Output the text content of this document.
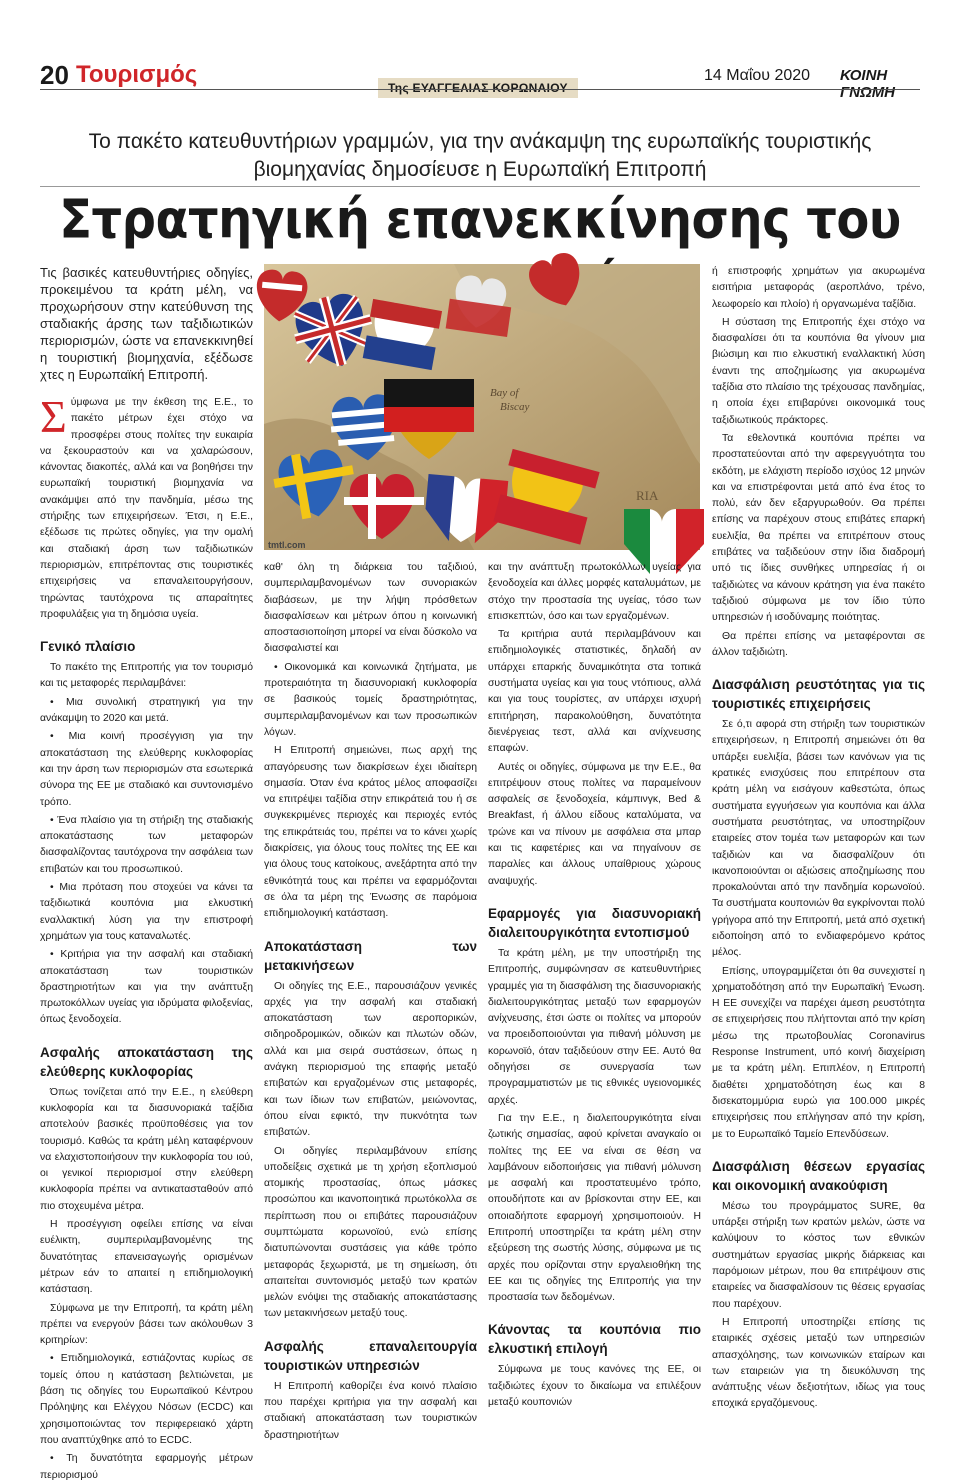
20 Τουρισμός	Της ΕΥΑΓΓΕΛΙΑΣ ΚΟΡΩΝΑΙΟΥ
14 Μαΐου 2020 ΚΟΙΝΗ ΓΝΩΜΗ
Το πακέτο κατευθυντήριων γραμμών, για την ανάκαμψη της ευρωπαϊκής τουριστικής
βιομηχανίας δημοσίευσε η Ευρωπαϊκή Επιτροπή
Στρατηγική επανεκκίνησης του
Bay of
Biscay
RIA
tmtl.com

Τις βασικές κατευθυντήριες οδηγίες, προκειμένου τα κράτη μέλη, να προχωρήσουν στην κατεύθυνση της σταδιακής άρσης των ταξιδιωτικών περιορισμών, ώστε να επανεκκινηθεί η τουριστική βιομηχανία, εξέδωσε χτες η Ευρωπαϊκή Επιτροπή.

Σύμφωνα με την έκθεση της Ε.Ε., το πακέτο μέτρων έχει στόχο να προσφέρει στους πολίτες την ευκαιρία να ξεκουραστούν και να χαλαρώσουν, κάνοντας διακοπές, αλλά και να βοηθήσει την ευρωπαϊκή τουριστική βιομηχανία να ανακάμψει από την πανδημία, μέσω της στήριξης των επιχειρήσεων. Έτσι, η Ε.Ε., εξέδωσε τις πρώτες οδηγίες, για την ομαλή και σταδιακή άρση των ταξιδιωτικών περιορισμών, επιτρέποντας στις τουριστικές επιχειρήσεις να επαναλειτουργήσουν, τηρώντας ταυτόχρονα τις απαραίτητες προφυλάξεις για τη δημόσια υγεία.

Γενικό πλαίσιο

Το πακέτο της Επιτροπής για τον τουρισμό και τις μεταφορές περιλαμβάνει:

• Μια συνολική στρατηγική για την ανάκαμψη το 2020 και μετά.

• Μια κοινή προσέγγιση για την αποκατάσταση της ελεύθερης κυκλοφορίας και την άρση των περιορισμών στα εσωτερικά σύνορα της ΕΕ με σταδιακό και συντονισμένο τρόπο.

• Ένα πλαίσιο για τη στήριξη της σταδιακής αποκατάστασης των μεταφορών διασφαλίζοντας ταυτόχρονα την ασφάλεια των επιβατών και του προσωπικού.

• Μια πρόταση που στοχεύει να κάνει τα ταξιδιωτικά κουπόνια μια ελκυστική εναλλακτική λύση για την επιστροφή χρημάτων για τους καταναλωτές.

• Κριτήρια για την ασφαλή και σταδιακή αποκατάσταση των τουριστικών δραστηριοτήτων και για την ανάπτυξη πρωτοκόλλων υγείας για ιδρύματα φιλοξενίας, όπως ξενοδοχεία.

Ασφαλής αποκατάσταση της ελεύθερης κυκλοφορίας

Όπως τονίζεται από την Ε.Ε., η ελεύθερη κυκλοφορία και τα διασυνοριακά ταξίδια αποτελούν βασικές προϋποθέσεις για τον τουρισμό. Καθώς τα κράτη μέλη καταφέρνουν να ελαχιστοποιήσουν την κυκλοφορία του ιού, οι γενικοί περιορισμοί στην ελεύθερη κυκλοφορία πρέπει να αντικατασταθούν από πιο στοχευμένα μέτρα.

Η προσέγγιση οφείλει επίσης να είναι ευέλικτη, συμπεριλαμβανομένης της δυνατότητας επανεισαγωγής ορισμένων μέτρων εάν το απαιτεί η επιδημιολογική κατάσταση.

Σύμφωνα με την Επιτροπή, τα κράτη μέλη πρέπει να ενεργούν βάσει των ακόλουθων 3 κριτηρίων:

• Επιδημιολογικά, εστιάζοντας κυρίως σε τομείς όπου η κατάσταση βελτιώνεται, με βάση τις οδηγίες του Ευρωπαϊκού Κέντρου Πρόληψης και Ελέγχου Νόσων (ECDC) και χρησιμοποιώντας τον περιφερειακό χάρτη που αναπτύχθηκε από το ECDC.

• Τη δυνατότητα εφαρμογής μέτρων περιορισμού

καθ' όλη τη διάρκεια του ταξιδιού, συμπεριλαμβανομένων των συνοριακών διαβάσεων, με την λήψη πρόσθετων διασφαλίσεων και μέτρων όπου η κοινωνική αποστασιοποίηση μπορεί να είναι δύσκολο να διασφαλιστεί και

• Οικονομικά και κοινωνικά ζητήματα, με προτεραιότητα τη διασυνοριακή κυκλοφορία σε βασικούς τομείς δραστηριότητας, συμπεριλαμβανομένων και των προσωπικών λόγων.

Η Επιτροπή σημειώνει, πως αρχή της απαγόρευσης των διακρίσεων έχει ιδιαίτερη σημασία. Όταν ένα κράτος μέλος αποφασίζει να επιτρέψει ταξίδια στην επικράτειά του ή σε συγκεκριμένες περιοχές και περιοχές εντός της επικράτειάς του, πρέπει να το κάνει χωρίς διακρίσεις, για όλους τους πολίτες της ΕΕ και για όλους τους κατοίκους, ανεξάρτητα από την εθνικότητά τους και πρέπει να εφαρμόζονται σε όλα τα μέρη της Ένωσης σε παρόμοια επιδημιολογική κατάσταση.

Αποκατάσταση των μετακινήσεων

Οι οδηγίες της Ε.Ε., παρουσιάζουν γενικές αρχές για την ασφαλή και σταδιακή αποκατάσταση των αεροπορικών, σιδηροδρομικών, οδικών και πλωτών οδών, αλλά και μια σειρά συστάσεων, όπως η ανάγκη περιορισμού της επαφής μεταξύ επιβατών και εργαζομένων στις μεταφορές, και των ίδιων των επιβατών, μειώνοντας, όπου είναι εφικτό, την πυκνότητα των επιβατών.

Οι οδηγίες περιλαμβάνουν επίσης υποδείξεις σχετικά με τη χρήση εξοπλισμού ατομικής προστασίας, όπως μάσκες προσώπου και ικανοποιητικά πρωτόκολλα σε περίπτωση που οι επιβάτες παρουσιάζουν συμπτώματα κορωνοϊού, ενώ επίσης διατυπώνονται συστάσεις για κάθε τρόπο μεταφοράς ξεχωριστά, με τη σημείωση, ότι απαιτείται συντονισμός μεταξύ των κρατών μελών ενόψει της σταδιακής αποκατάστασης των μετακινήσεων μεταξύ τους.

Ασφαλής επαναλειτουργία τουριστικών υπηρεσιών

Η Επιτροπή καθορίζει ένα κοινό πλαίσιο που παρέχει κριτήρια για την ασφαλή και σταδιακή αποκατάσταση των τουριστικών δραστηριοτήτων

και την ανάπτυξη πρωτοκόλλων υγείας για ξενοδοχεία και άλλες μορφές καταλυμάτων, με στόχο την προστασία της υγείας, τόσο των επισκεπτών, όσο και των εργαζομένων.

Τα κριτήρια αυτά περιλαμβάνουν και επιδημιολογικές στατιστικές, δηλαδή αν υπάρχει επαρκής δυναμικότητα στα τοπικά συστήματα υγείας και για τους ντόπιους, αλλά και για τους τουρίστες, αν υπάρχει ισχυρή επιτήρηση, παρακολούθηση, δυνατότητα διενέργειας τεστ, αλλά και ανίχνευσης επαφών.

Αυτές οι οδηγίες, σύμφωνα με την Ε.Ε., θα επιτρέψουν στους πολίτες να παραμείνουν ασφαλείς σε ξενοδοχεία, κάμπινγκ, Bed & Breakfast, ή άλλου είδους καταλύματα, να τρώνε και να πίνουν με ασφάλεια στα μπαρ και τις καφετέριες και να πηγαίνουν σε παραλίες και άλλους υπαίθριους χώρους αναψυχής.

Εφαρμογές για διασυνοριακή διαλειτουργικότητα εντοπισμού

Τα κράτη μέλη, με την υποστήριξη της Επιτροπής, συμφώνησαν σε κατευθυντήριες γραμμές για τη διασφάλιση της διασυνοριακής διαλειτουργικότητας μεταξύ των εφαρμογών ανίχνευσης, έτσι ώστε οι πολίτες να μπορούν να προειδοποιούνται για πιθανή μόλυνση με κορωνοϊό, όταν ταξιδεύουν στην ΕΕ. Αυτό θα οδηγήσει σε συνεργασία των προγραμματιστών με τις εθνικές υγειονομικές αρχές.

Για την Ε.Ε., η διαλειτουργικότητα είναι ζωτικής σημασίας, αφού κρίνεται αναγκαίο οι πολίτες της ΕΕ να είναι σε θέση να λαμβάνουν ειδοποιήσεις για πιθανή μόλυνση με ασφαλή και προστατευμένο τρόπο, οπουδήποτε και αν βρίσκονται στην ΕΕ, και οποιαδήποτε εφαρμογή χρησιμοποιούν. Η Επιτροπή υποστηρίζει τα κράτη μέλη στην εξεύρεση της σωστής λύσης, σύμφωνα με τις αρχές που ορίζονται στην εργαλειοθήκη της ΕΕ και τις οδηγίες της Επιτροπής για την προστασία των δεδομένων.

Κάνοντας τα κουπόνια πιο ελκυστική επιλογή

Σύμφωνα με τους κανόνες της ΕΕ, οι ταξιδιώτες έχουν το δικαίωμα να επιλέξουν μεταξύ κουπονιών

ή επιστροφής χρημάτων για ακυρωμένα εισιτήρια μεταφοράς (αεροπλάνο, τρένο, λεωφορείο και πλοίο) ή οργανωμένα ταξίδια.

Η σύσταση της Επιτροπής έχει στόχο να διασφαλίσει ότι τα κουπόνια θα γίνουν μια βιώσιμη και πιο ελκυστική εναλλακτική λύση έναντι της αποζημίωσης για ακυρωμένα ταξίδια στο πλαίσιο της τρέχουσας πανδημίας, η οποία έχει επιβαρύνει οικονομικά τους ταξιδιωτικούς πράκτορες.

Τα εθελοντικά κουπόνια πρέπει να προστατεύονται από την αφερεγγυότητα του εκδότη, με ελάχιστη περίοδο ισχύος 12 μηνών και να επιστρέφονται μετά από ένα έτος το πολύ, εάν δεν εξαργυρωθούν. Θα πρέπει επίσης να παρέχουν στους επιβάτες επαρκή ευελιξία, θα πρέπει να επιτρέπουν στους επιβάτες να ταξιδεύουν στην ίδια διαδρομή υπό τις ίδιες συνθήκες υπηρεσίας ή οι ταξιδιώτες να κάνουν κράτηση για ένα πακέτο ταξιδιού σύμφωνα με τον ίδιο τύπο υπηρεσιών ή ισοδύναμης ποιότητας.

Θα πρέπει επίσης να μεταφέρονται σε άλλον ταξιδιώτη.

Διασφάλιση ρευστότητας για τις τουριστικές επιχειρήσεις

Σε ό,τι αφορά στη στήριξη των τουριστικών επιχειρήσεων, η Επιτροπή σημειώνει ότι θα υπάρξει ευελιξία, βάσει των κανόνων για τις κρατικές ενισχύσεις που επιτρέπουν στα κράτη μέλη να εισάγουν καθεστώτα, όπως συστήματα εγγυήσεων για κουπόνια και άλλα συστήματα ρευστότητας, να υποστηρίζουν εταιρείες στον τομέα των μεταφορών και των ταξιδιών και να διασφαλίζουν ότι ικανοποιούνται οι αξιώσεις αποζημίωσης που προκαλούνται από την πανδημία κορωνοϊού. Τα συστήματα κουπονιών θα εγκρίνονται πολύ γρήγορα από την Επιτροπή, μετά από σχετική ειδοποίηση από το ενδιαφερόμενο κράτος μέλος.

Επίσης, υπογραμμίζεται ότι θα συνεχιστεί η χρηματοδότηση από την Ευρωπαϊκή Ένωση. Η ΕΕ συνεχίζει να παρέχει άμεση ρευστότητα σε επιχειρήσεις που πλήττονται από την κρίση μέσω της πρωτοβουλίας Coronavirus Response Instrument, υπό κοινή διαχείριση με τα κράτη μέλη. Επιπλέον, η Επιτροπή διαθέτει χρηματοδότηση έως και 8 δισεκατομμύρια ευρώ για 100.000 μικρές επιχειρήσεις που επλήγησαν από την κρίση, με το Ευρωπαϊκό Ταμείο Επενδύσεων.

Διασφάλιση θέσεων εργασίας και οικονομική ανακούφιση

Μέσω του προγράμματος SURE, θα υπάρξει στήριξη των κρατών μελών, ώστε να καλύψουν το κόστος των εθνικών συστημάτων εργασίας μικρής διάρκειας και παρόμοιων μέτρων, που θα επιτρέψουν στις εταιρείες να διασφαλίσουν τις θέσεις εργασίας που παρέχουν.

Η Επιτροπή υποστηρίζει επίσης τις εταιρικές σχέσεις μεταξύ των υπηρεσιών απασχόλησης, των κοινωνικών εταίρων και των εταιρειών για τη διευκόλυνση της ανάπτυξης νέων δεξιοτήτων, ιδίως για τους εποχικά εργαζόμενους.
